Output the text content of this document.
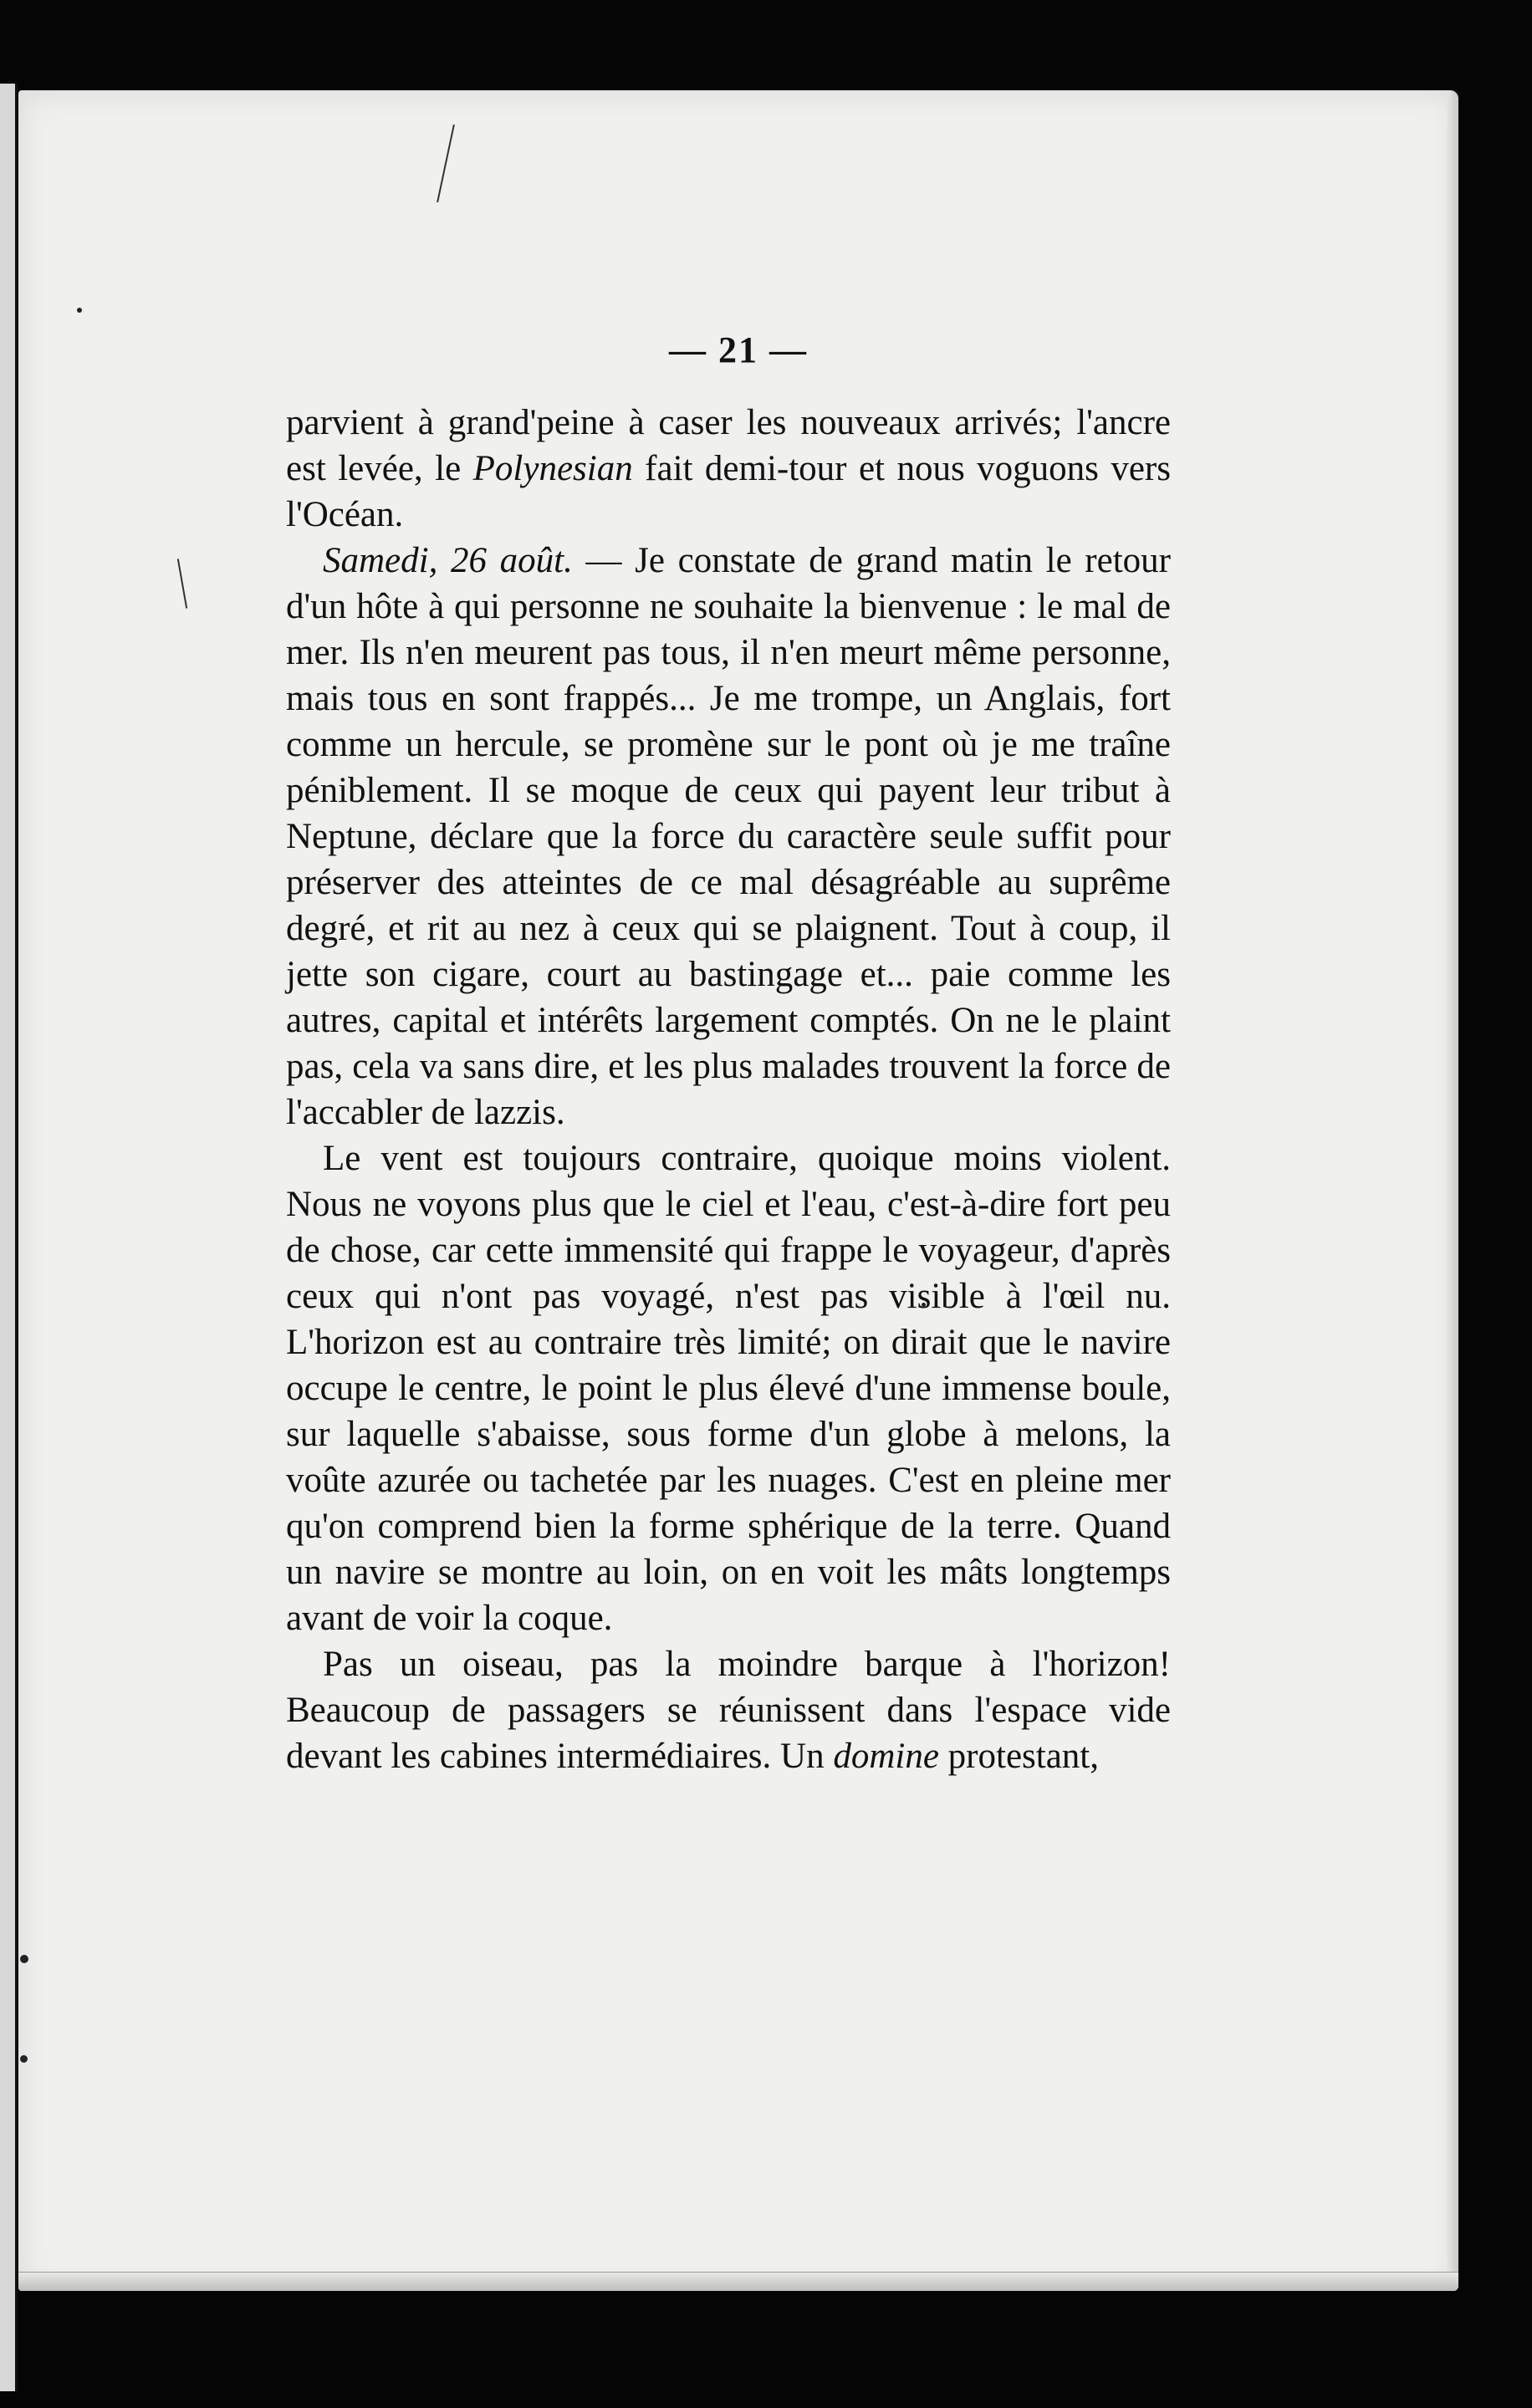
— 21 —

parvient à grand'peine à caser les nouveaux arrivés; l'ancre est levée, le Polynesian fait demi-tour et nous voguons vers l'Océan.

Samedi, 26 août. — Je constate de grand matin le retour d'un hôte à qui personne ne souhaite la bienvenue : le mal de mer. Ils n'en meurent pas tous, il n'en meurt même personne, mais tous en sont frappés... Je me trompe, un Anglais, fort comme un hercule, se promène sur le pont où je me traîne péniblement. Il se moque de ceux qui payent leur tribut à Neptune, déclare que la force du caractère seule suffit pour préserver des atteintes de ce mal désagréable au suprême degré, et rit au nez à ceux qui se plaignent. Tout à coup, il jette son cigare, court au bastingage et... paie comme les autres, capital et intérêts largement comptés. On ne le plaint pas, cela va sans dire, et les plus malades trouvent la force de l'accabler de lazzis.

Le vent est toujours contraire, quoique moins violent. Nous ne voyons plus que le ciel et l'eau, c'est-à-dire fort peu de chose, car cette immensité qui frappe le voyageur, d'après ceux qui n'ont pas voyagé, n'est pas visible à l'œil nu. L'horizon est au contraire très limité; on dirait que le navire occupe le centre, le point le plus élevé d'une immense boule, sur laquelle s'abaisse, sous forme d'un globe à melons, la voûte azurée ou tachetée par les nuages. C'est en pleine mer qu'on comprend bien la forme sphérique de la terre. Quand un navire se montre au loin, on en voit les mâts longtemps avant de voir la coque.

Pas un oiseau, pas la moindre barque à l'horizon! Beaucoup de passagers se réunissent dans l'espace vide devant les cabines intermédiaires. Un domine protestant,
